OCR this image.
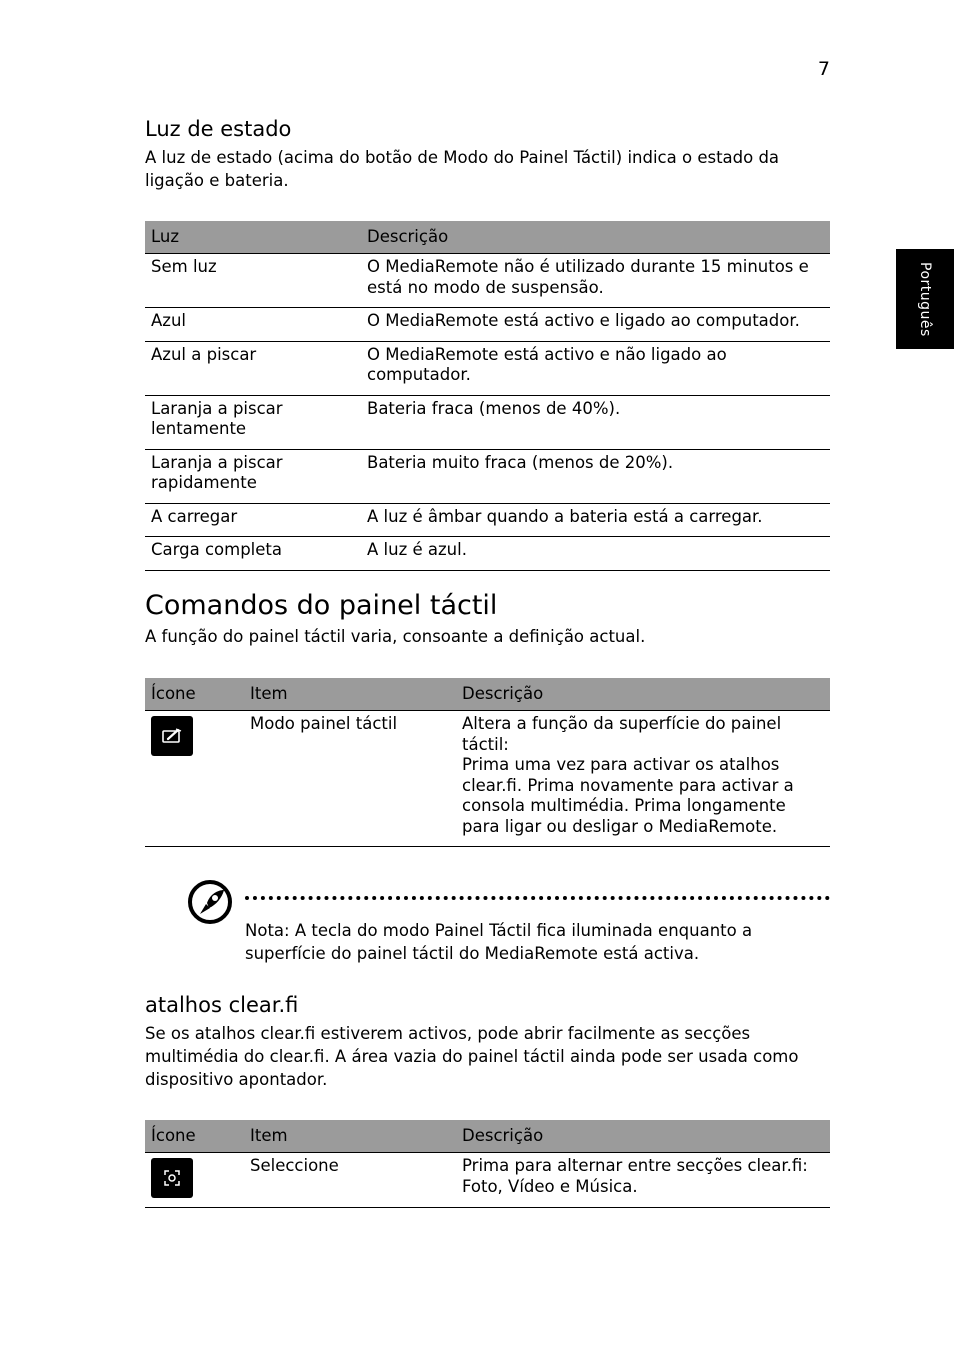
7
Português
Luz de estado

A luz de estado (acima do botão de Modo do Painel Táctil) indica o estado da ligação e bateria.

Luz	Descrição
Sem luz	O MediaRemote não é utilizado durante 15 minutos e está no modo de suspensão.
Azul	O MediaRemote está activo e ligado ao computador.
Azul a piscar	O MediaRemote está activo e não ligado ao computador.
Laranja a piscar lentamente	Bateria fraca (menos de 40%).
Laranja a piscar rapidamente	Bateria muito fraca (menos de 20%).
A carregar	A luz é âmbar quando a bateria está a carregar.
Carga completa	A luz é azul.
Comandos do painel táctil

A função do painel táctil varia, consoante a definição actual.

Ícone	Item	Descrição

	Modo painel táctil	Altera a função da superfície do painel táctil:
Prima uma vez para activar os atalhos clear.fi. Prima novamente para activar a consola multimédia. Prima longamente para ligar ou desligar o MediaRemote.

Nota: A tecla do modo Painel Táctil fica iluminada enquanto a superfície do painel táctil do MediaRemote está activa.

atalhos clear.fi

Se os atalhos clear.fi estiverem activos, pode abrir facilmente as secções multimédia do clear.fi. A área vazia do painel táctil ainda pode ser usada como dispositivo apontador.

Ícone	Item	Descrição

	Seleccione	Prima para alternar entre secções clear.fi: Foto, Vídeo e Música.
